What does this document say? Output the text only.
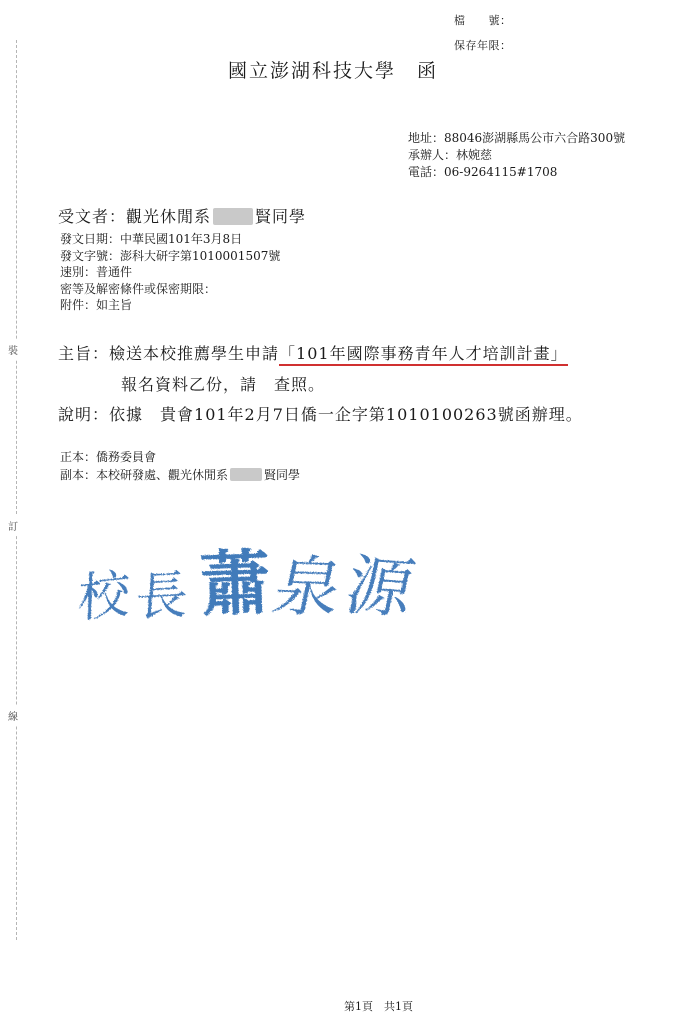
裝
訂
線
檔　　號：
保存年限：
國立澎湖科技大學　函
地址：88046澎湖縣馬公市六合路300號
承辦人：林婉慈
電話：06-9264115#1708
受文者：觀光休閒系	賢同學
發文日期：中華民國101年3月8日
發文字號：澎科大研字第1010001507號
速別：普通件
密等及解密條件或保密期限：
附件：如主旨
主旨：檢送本校推薦學生申請「101年國際事務青年人才培訓計畫」
報名資料乙份，請　查照。
說明：依據　貴會101年2月7日僑一企字第1010100263號函辦理。
正本：僑務委員會
副本：本校研發處、觀光休閒系	賢同學
校 長 蕭
泉
源
第1頁　共1頁
